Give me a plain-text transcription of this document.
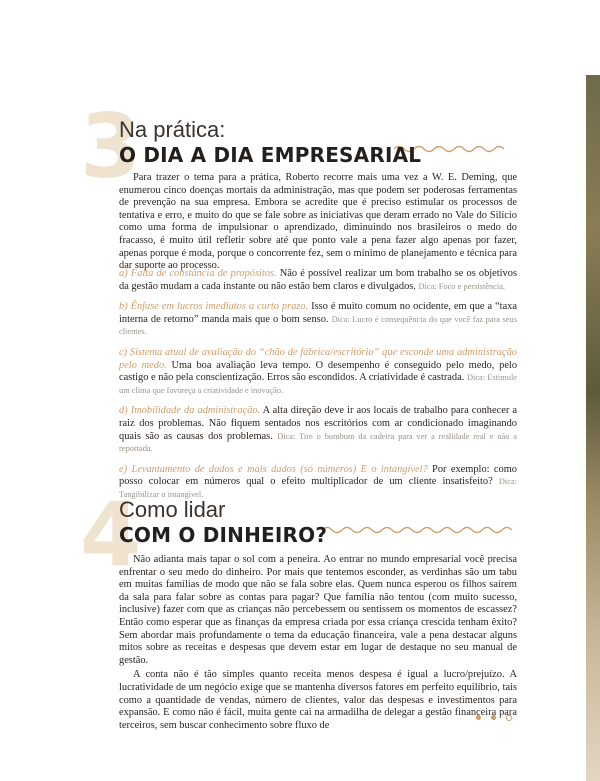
3
Na prática:
O DIA A DIA EMPRESARIAL

Para trazer o tema para a prática, Roberto recorre mais uma vez a W. E. Deming, que enumerou cinco doenças mortais da administração, mas que podem ser poderosas ferramentas de prevenção na sua empresa. Embora se acredite que é preciso estimular os processos de tentativa e erro, e muito do que se fale sobre as iniciativas que deram errado no Vale do Silício como uma forma de impulsionar o aprendizado, diminuindo nos brasileiros o medo do fracasso, é muito útil refletir sobre até que ponto vale a pena fazer algo apenas por fazer, apenas porque é moda, porque o concorrente fez, sem o mínimo de planejamento e técnica para dar suporte ao processo.

a) Falta de constância de propósitos. Não é possível realizar um bom trabalho se os objetivos da gestão mudam a cada instante ou não estão bem claros e divulgados. Dica: Foco e persistência.

b) Ênfase em lucros imediatos a curto prazo. Isso é muito comum no ocidente, em que a “taxa interna de retorno” manda mais que o bom senso. Dica: Lucro é consequência do que você faz para seus clientes.

c) Sistema atual de avaliação do “chão de fábrica/escritório” que esconde uma administração pelo medo. Uma boa avaliação leva tempo. O desempenho é conseguido pelo medo, pelo castigo e não pela conscientização. Erros são escondidos. A criatividade é castrada. Dica: Estimule um clima que favoreça a criatividade e inovação.

d) Imobilidade da administração. A alta direção deve ir aos locais de trabalho para conhecer a raiz dos problemas. Não fiquem sentados nos escritórios com ar condicionado imaginando quais são as causas dos problemas. Dica: Tire o bumbum da cadeira para ver a realidade real e não a reportada.

e) Levantamento de dados e mais dados (só números) E o intangível? Por exemplo: como posso colocar em números qual o efeito multiplicador de um cliente insatisfeito? Dica: Tangibilizar o intangível.

4
Como lidar
COM O DINHEIRO?

Não adianta mais tapar o sol com a peneira. Ao entrar no mundo empresarial você precisa enfrentar o seu medo do dinheiro. Por mais que tentemos esconder, as verdinhas são um tabu em muitas famílias de modo que não se fala sobre elas. Quem nunca esperou os filhos saírem da sala para falar sobre as contas para pagar? Que família não tentou (com muito sucesso, inclusive) fazer com que as crianças não percebessem ou sentissem os momentos de escassez? Então como esperar que as finanças da empresa criada por essa criança crescida tenham êxito? Sem abordar mais profundamente o tema da educação financeira, vale a pena destacar alguns mitos sobre as receitas e despesas que devem estar em lugar de destaque no seu manual de gestão.

A conta não é tão simples quanto receita menos despesa é igual a lucro/prejuízo. A lucratividade de um negócio exige que se mantenha diversos fatores em perfeito equilíbrio, tais como a quantidade de vendas, número de clientes, valor das despesas e investimentos para expansão. E como não é fácil, muita gente cai na armadilha de delegar a gestão financeira para terceiros, sem buscar conhecimento sobre fluxo de
